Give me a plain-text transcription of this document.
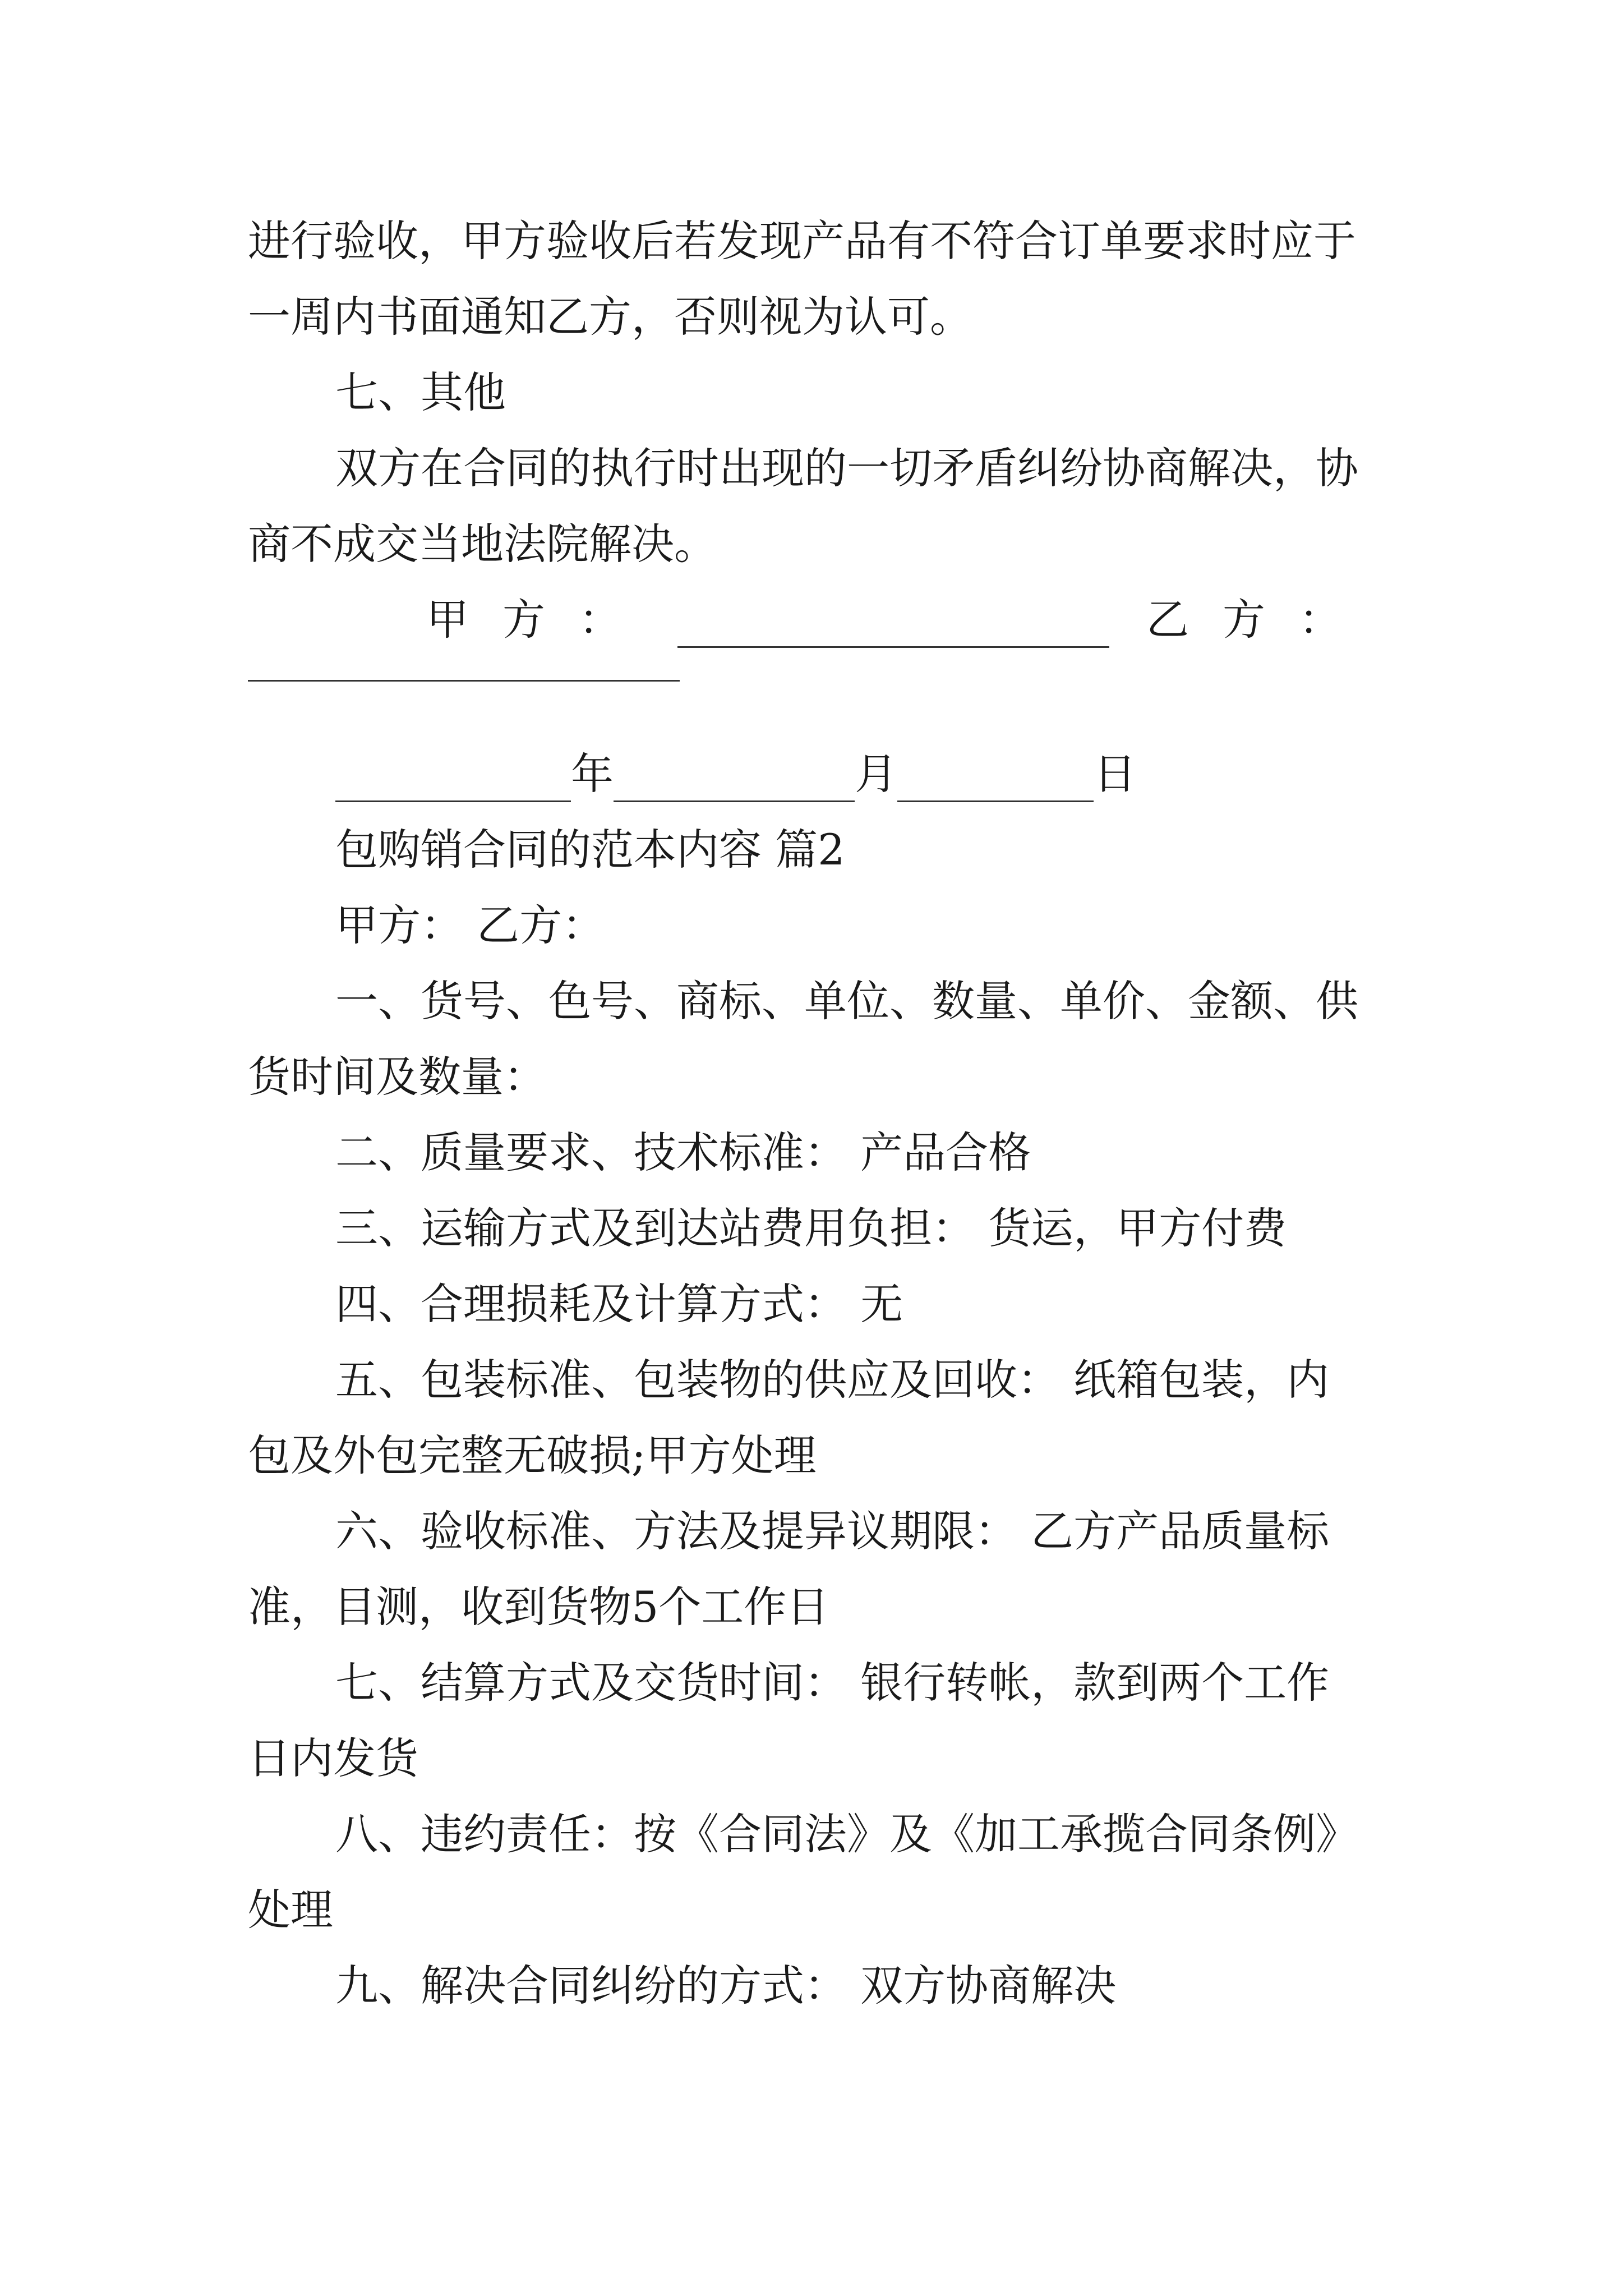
进行验收，甲方验收后若发现产品有不符合订单要求时应于
一周内书面通知乙方，否则视为认可。
七、其他
双方在合同的执行时出现的一切矛盾纠纷协商解决，协
商不成交当地法院解决。
甲方：	乙方：
年	月	日
包购销合同的范本内容 篇2
甲方： 乙方：
一、货号、色号、商标、单位、数量、单价、金额、供
货时间及数量：
二、质量要求、技术标准： 产品合格
三、运输方式及到达站费用负担： 货运，甲方付费
四、合理损耗及计算方式： 无
五、包装标准、包装物的供应及回收： 纸箱包装，内
包及外包完整无破损;甲方处理
六、验收标准、方法及提异议期限： 乙方产品质量标
准，目测，收到货物5个工作日
七、结算方式及交货时间： 银行转帐，款到两个工作
日内发货
八、违约责任：按《合同法》及《加工承揽合同条例》
处理
九、解决合同纠纷的方式： 双方协商解决
